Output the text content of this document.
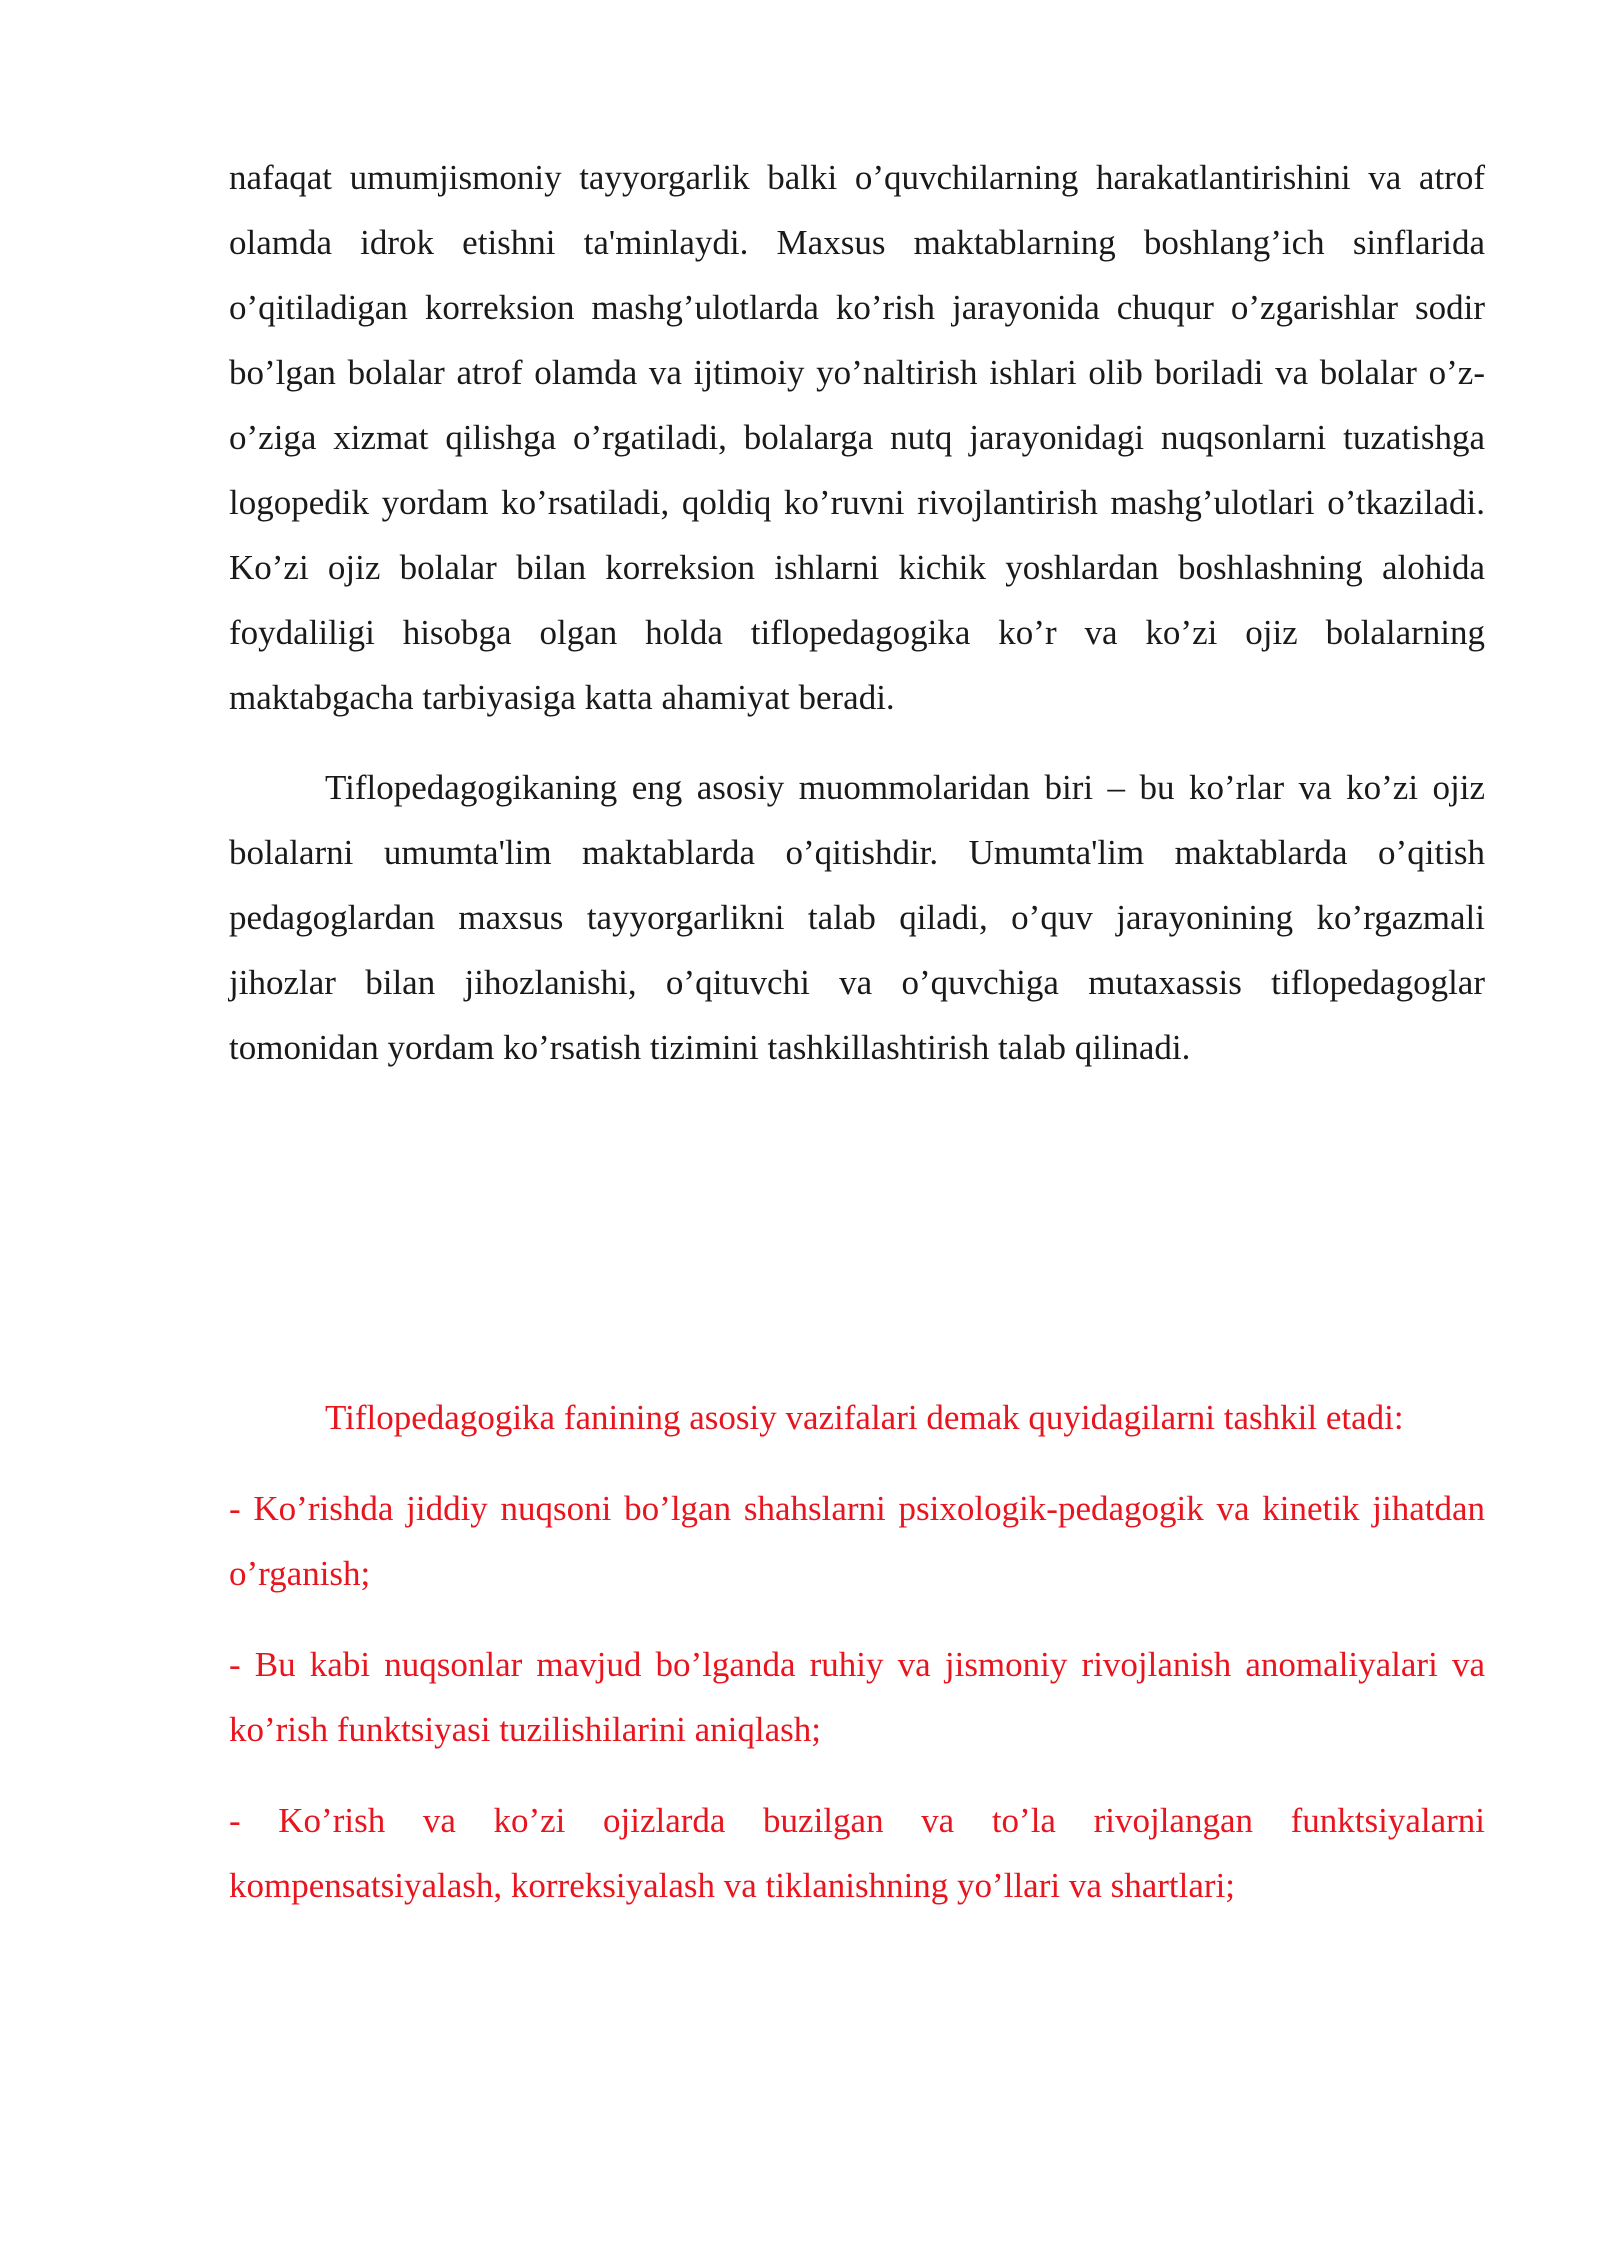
nafaqat umumjismoniy tayyorgarlik balki o’quvchilarning harakatlantirishini va atrof olamda idrok etishni ta'minlaydi. Maxsus maktablarning boshlang’ich sinflarida o’qitiladigan korreksion mashg’ulotlarda ko’rish jarayonida chuqur o’zgarishlar sodir bo’lgan bolalar atrof olamda va ijtimoiy yo’naltirish ishlari olib boriladi va bolalar o’z-o’ziga xizmat qilishga o’rgatiladi, bolalarga nutq jarayonidagi nuqsonlarni tuzatishga logopedik yordam ko’rsatiladi, qoldiq ko’ruvni rivojlantirish mashg’ulotlari o’tkaziladi. Ko’zi ojiz bolalar bilan korreksion ishlarni kichik yoshlardan boshlashning alohida foydaliligi hisobga olgan holda tiflopedagogika ko’r va ko’zi ojiz bolalarning maktabgacha tarbiyasiga katta ahamiyat beradi.

Tiflopedagogikaning eng asosiy muommolaridan biri – bu ko’rlar va ko’zi ojiz bolalarni umumta'lim maktablarda o’qitishdir. Umumta'lim maktablarda o’qitish pedagoglardan maxsus tayyorgarlikni talab qiladi, o’quv jarayonining ko’rgazmali jihozlar bilan jihozlanishi, o’qituvchi va o’quvchiga mutaxassis tiflopedagoglar tomonidan yordam ko’rsatish tizimini tashkillashtirish talab qilinadi.

Tiflopedagogika fanining asosiy vazifalari demak quyidagilarni tashkil etadi:

- Ko’rishda jiddiy nuqsoni bo’lgan shahslarni psixologik-pedagogik va kinetik jihatdan o’rganish;

- Bu kabi nuqsonlar mavjud bo’lganda ruhiy va jismoniy rivojlanish anomaliyalari va ko’rish funktsiyasi tuzilishilarini aniqlash;

- Ko’rish va ko’zi ojizlarda buzilgan va to’la rivojlangan funktsiyalarni kompensatsiyalash, korreksiyalash va tiklanishning yo’llari va shartlari;
